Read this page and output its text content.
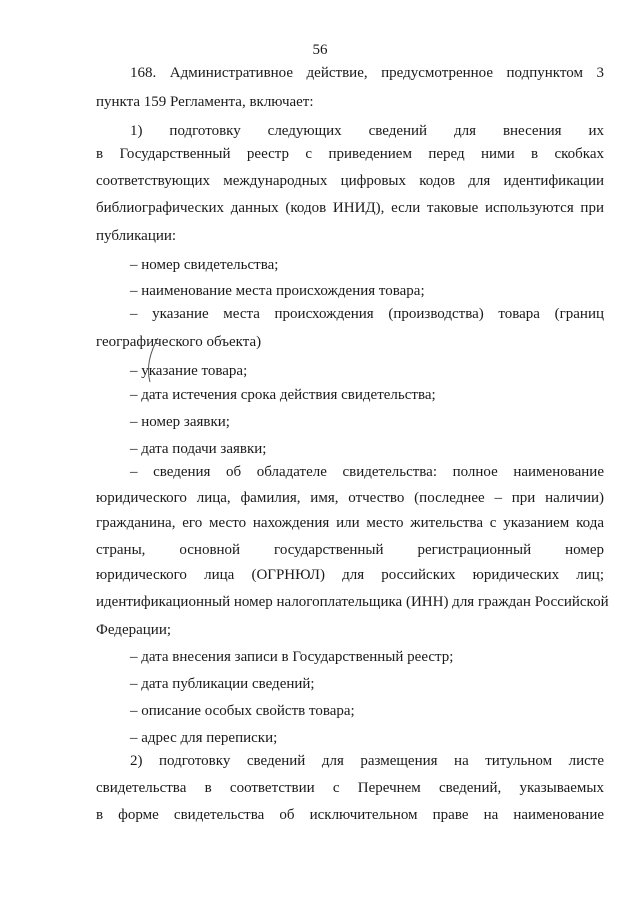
56
168. Административное действие, предусмотренное подпунктом 3
пункта 159 Регламента, включает:
1) подготовку следующих сведений для внесения их
в Государственный реестр с приведением перед ними в скобках
соответствующих международных цифровых кодов для идентификации
библиографических данных (кодов ИНИД), если таковые используются при
публикации:
– номер свидетельства;
– наименование места происхождения товара;
– указание места происхождения (производства) товара (границ
географического объекта)
– указание товара;
– дата истечения срока действия свидетельства;
– номер заявки;
– дата подачи заявки;
– сведения об обладателе свидетельства: полное наименование
юридического лица, фамилия, имя, отчество (последнее – при наличии)
гражданина, его место нахождения или место жительства с указанием кода
страны, основной государственный регистрационный номер
юридического лица (ОГРНЮЛ) для российских юридических лиц;
идентификационный номер налогоплательщика (ИНН) для граждан Российской
Федерации;
– дата внесения записи в Государственный реестр;
– дата публикации сведений;
– описание особых свойств товара;
– адрес для переписки;
2) подготовку сведений для размещения на титульном листе
свидетельства в соответствии с Перечнем сведений, указываемых
в форме свидетельства об исключительном праве на наименование
